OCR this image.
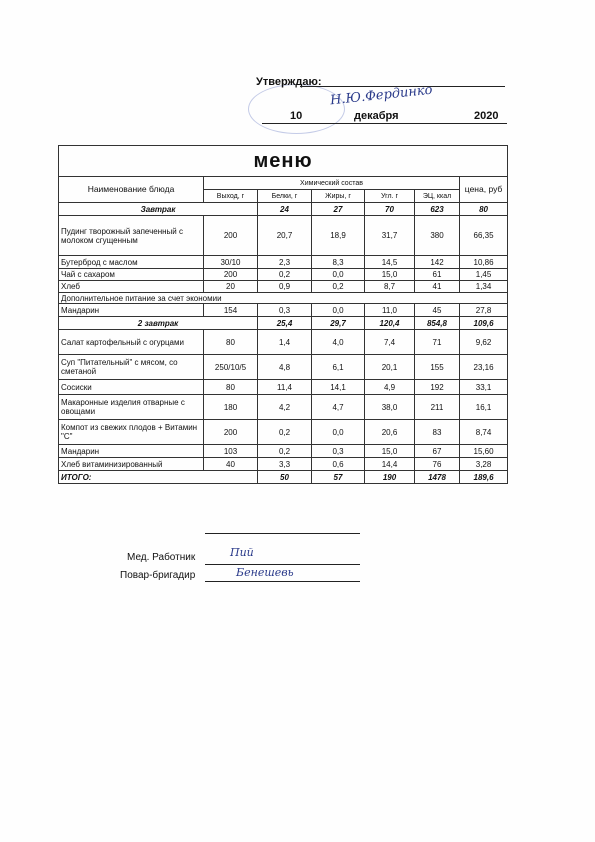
Утверждаю:
Н.Ю.Фердинко
10	декабря	2020
меню						
Наименование блюда	Химический состав					цена, руб
	Выход, г	Белки, г	Жиры, г	Угл. г	ЭЦ, ккал	
Завтрак		24	27	70	623	80
Пудинг творожный запеченный с молоком сгущенным	200	20,7	18,9	31,7	380	66,35
Бутерброд с маслом	30/10	2,3	8,3	14,5	142	10,86
Чай с сахаром	200	0,2	0,0	15,0	61	1,45
Хлеб	20	0,9	0,2	8,7	41	1,34
Дополнительное питание за счет экономии						
Мандарин	154	0,3	0,0	11,0	45	27,8
2 завтрак		25,4	29,7	120,4	854,8	109,6
Салат картофельный с огурцами	80	1,4	4,0	7,4	71	9,62
Суп "Питательный" с мясом, со сметаной	250/10/5	4,8	6,1	20,1	155	23,16
Сосиски	80	11,4	14,1	4,9	192	33,1
Макаронные изделия отварные с овощами	180	4,2	4,7	38,0	211	16,1
Компот из свежих плодов + Витамин "С"	200	0,2	0,0	20,6	83	8,74
Мандарин	103	0,2	0,3	15,0	67	15,60
Хлеб витаминизированный	40	3,3	0,6	14,4	76	3,28
ИТОГО:		50	57	190	1478	189,6
Мед. Работник	Пий
Повар-бригадир	Бенешевь
